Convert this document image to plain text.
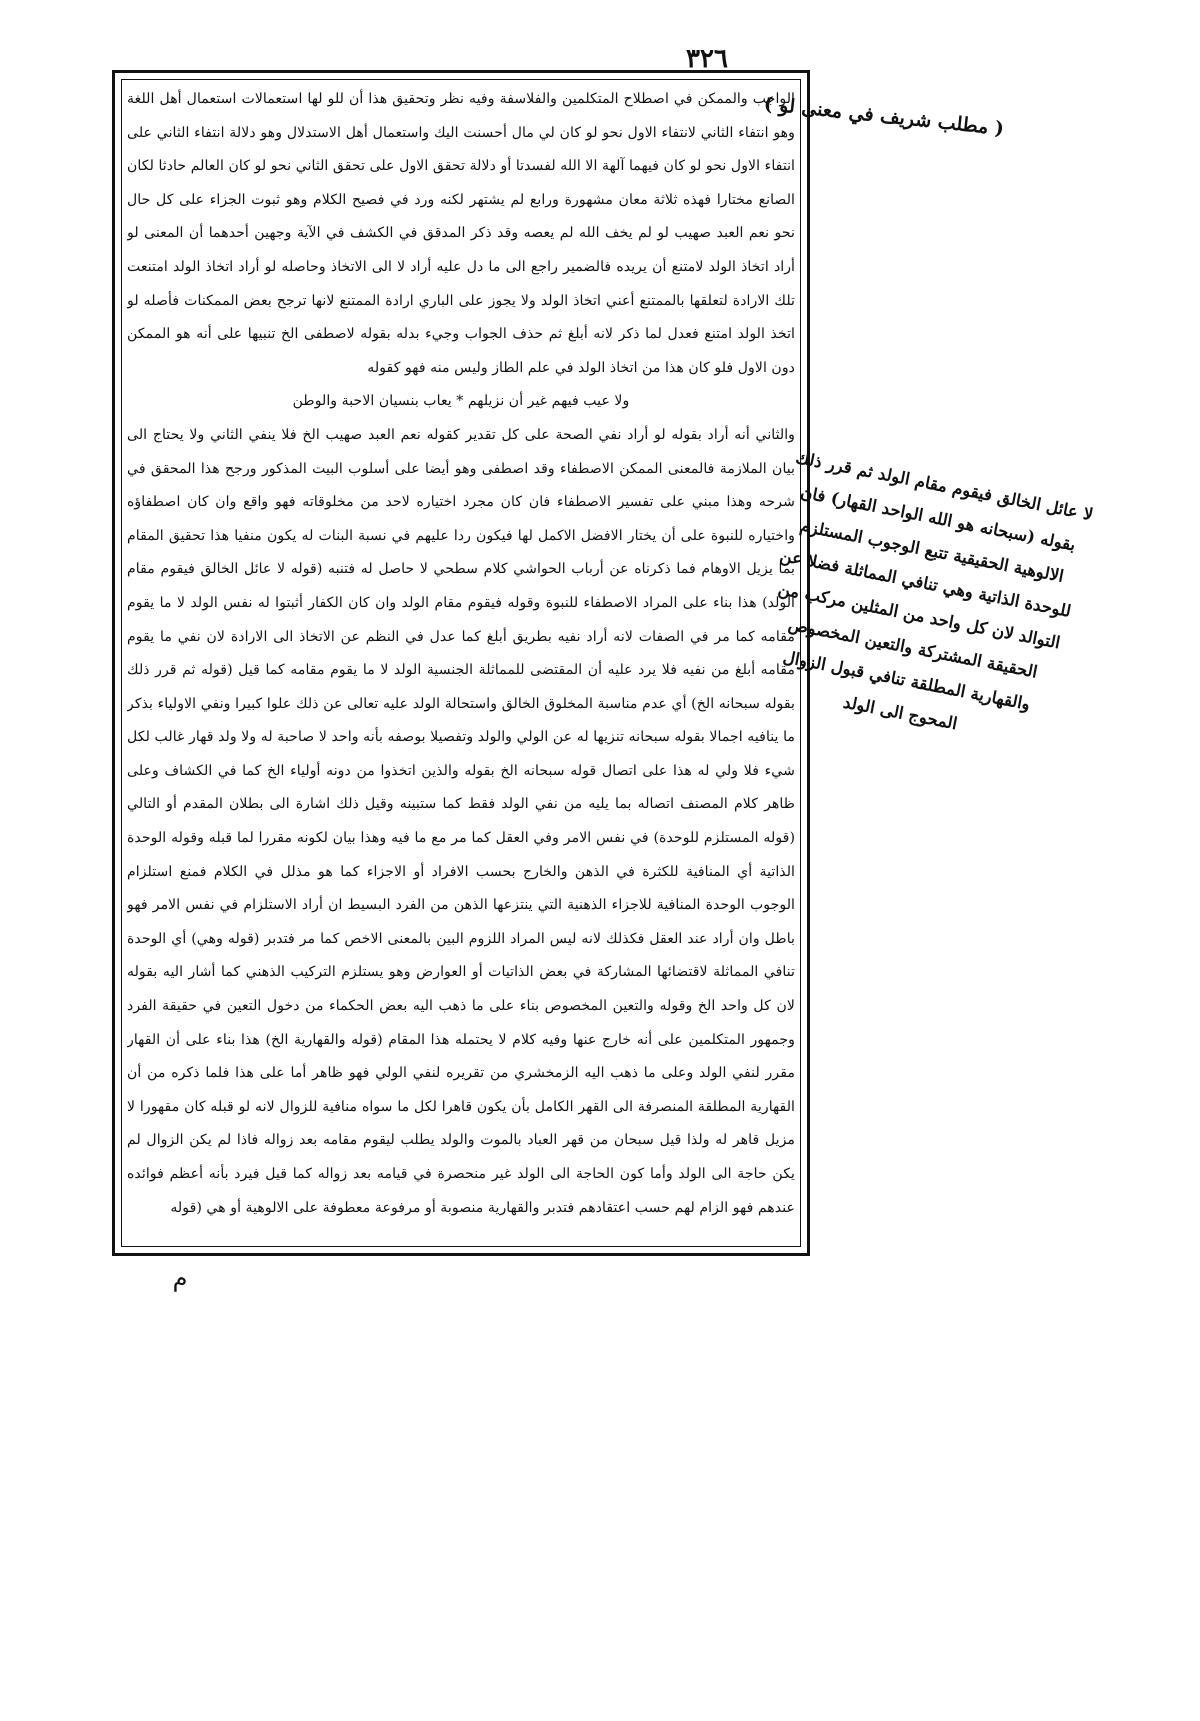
٣٢٦

الواجب والممكن في اصطلاح المتكلمين والفلاسفة وفيه نظر وتحقيق هذا أن للو لها استعمالات استعمال أهل اللغة وهو انتفاء الثاني لانتفاء الاول نحو لو كان لي مال أحسنت اليك واستعمال أهل الاستدلال وهو دلالة انتفاء الثاني على انتفاء الاول نحو لو كان فيهما آلهة الا الله لفسدتا أو دلالة تحقق الاول على تحقق الثاني نحو لو كان العالم حادثا لكان الصانع مختارا فهذه ثلاثة معان مشهورة ورابع لم يشتهر لكنه ورد في فصيح الكلام وهو ثبوت الجزاء على كل حال نحو نعم العبد صهيب لو لم يخف الله لم يعصه وقد ذكر المدقق في الكشف في الآية وجهين أحدهما أن المعنى لو أراد اتخاذ الولد لامتنع أن يريده فالضمير راجع الى ما دل عليه أراد لا الى الاتخاذ وحاصله لو أراد اتخاذ الولد امتنعت تلك الارادة لتعلقها بالممتنع أعني اتخاذ الولد ولا يجوز على الباري ارادة الممتنع لانها ترجح بعض الممكنات فأصله لو اتخذ الولد امتنع فعدل لما ذكر لانه أبلغ ثم حذف الجواب وجيء بدله بقوله لاصطفى الخ تنبيها على أنه هو الممكن دون الاول فلو كان هذا من اتخاذ الولد في علم الطاز وليس منه فهو كقوله

ولا عيب فيهم غير أن نزيلهم * يعاب بنسيان الاحبة والوطن

والثاني أنه أراد بقوله لو أراد نفي الصحة على كل تقدير كقوله نعم العبد صهيب الخ فلا ينفي الثاني ولا يحتاج الى بيان الملازمة فالمعنى الممكن الاصطفاء وقد اصطفى وهو أيضا على أسلوب البيت المذكور ورجح هذا المحقق في شرحه وهذا مبني على تفسير الاصطفاء فان كان مجرد اختياره لاحد من مخلوقاته فهو واقع وان كان اصطفاؤه واختياره للنبوة على أن يختار الافضل الاكمل لها فيكون ردا عليهم في نسبة البنات له يكون منفيا هذا تحقيق المقام بما يزيل الاوهام فما ذكرناه عن أرباب الحواشي كلام سطحي لا حاصل له فتنبه (قوله لا عائل الخالق فيقوم مقام الولد) هذا بناء على المراد الاصطفاء للنبوة وقوله فيقوم مقام الولد وان كان الكفار أثبتوا له نفس الولد لا ما يقوم مقامه كما مر في الصفات لانه أراد نفيه بطريق أبلغ كما عدل في النظم عن الاتخاذ الى الارادة لان نفي ما يقوم مقامه أبلغ من نفيه فلا يرد عليه أن المقتضى للمماثلة الجنسية الولد لا ما يقوم مقامه كما قيل (قوله ثم قرر ذلك بقوله سبحانه الخ) أي عدم مناسبة المخلوق الخالق واستحالة الولد عليه تعالى عن ذلك علوا كبيرا ونفي الاولياء بذكر ما ينافيه اجمالا بقوله سبحانه تنزيها له عن الولي والولد وتفصيلا بوصفه بأنه واحد لا صاحبة له ولا ولد قهار غالب لكل شيء فلا ولي له هذا على اتصال قوله سبحانه الخ بقوله والذين اتخذوا من دونه أولياء الخ كما في الكشاف وعلى ظاهر كلام المصنف اتصاله بما يليه من نفي الولد فقط كما ستبينه وقيل ذلك اشارة الى بطلان المقدم أو التالي (قوله المستلزم للوحدة) في نفس الامر وفي العقل كما مر مع ما فيه وهذا بيان لكونه مقررا لما قبله وقوله الوحدة الذاتية أي المنافية للكثرة في الذهن والخارج بحسب الافراد أو الاجزاء كما هو مذلل في الكلام فمنع استلزام الوجوب الوحدة المنافية للاجزاء الذهنية التي ينتزعها الذهن من الفرد البسيط ان أراد الاستلزام في نفس الامر فهو باطل وان أراد عند العقل فكذلك لانه ليس المراد اللزوم البين بالمعنى الاخص كما مر فتدبر (قوله وهي) أي الوحدة تنافي المماثلة لاقتضائها المشاركة في بعض الذاتيات أو العوارض وهو يستلزم التركيب الذهني كما أشار اليه بقوله لان كل واحد الخ وقوله والتعين المخصوص بناء على ما ذهب اليه بعض الحكماء من دخول التعين في حقيقة الفرد وجمهور المتكلمين على أنه خارج عنها وفيه كلام لا يحتمله هذا المقام (قوله والقهارية الخ) هذا بناء على أن القهار مقرر لنفي الولد وعلى ما ذهب اليه الزمخشري من تقريره لنفي الولي فهو ظاهر أما على هذا فلما ذكره من أن القهارية المطلقة المنصرفة الى القهر الكامل بأن يكون قاهرا لكل ما سواه منافية للزوال لانه لو قبله كان مقهورا لا مزيل قاهر له ولذا قيل سبحان من قهر العباد بالموت والولد يطلب ليقوم مقامه بعد زواله فاذا لم يكن الزوال لم يكن حاجة الى الولد وأما كون الحاجة الى الولد غير منحصرة في قيامه بعد زواله كما قيل فيرد بأنه أعظم فوائده عندهم فهو الزام لهم حسب اعتقادهم فتدبر والقهارية منصوبة أو مرفوعة معطوفة على الالوهية أو هي (قوله

م
( مطلب شريف في معنى لو )
لا عائل الخالق فيقوم مقام الولد ثم قرر ذلك بقوله (سبحانه هو الله الواحد القهار) فان الالوهية الحقيقية تتبع الوجوب المستلزم للوحدة الذاتية وهي تنافي المماثلة فضلا عن التوالد لان كل واحد من المثلين مركب من الحقيقة المشتركة والتعين المخصوص والقهارية المطلقة تنافي قبول الزوال المحوج الى الولد
